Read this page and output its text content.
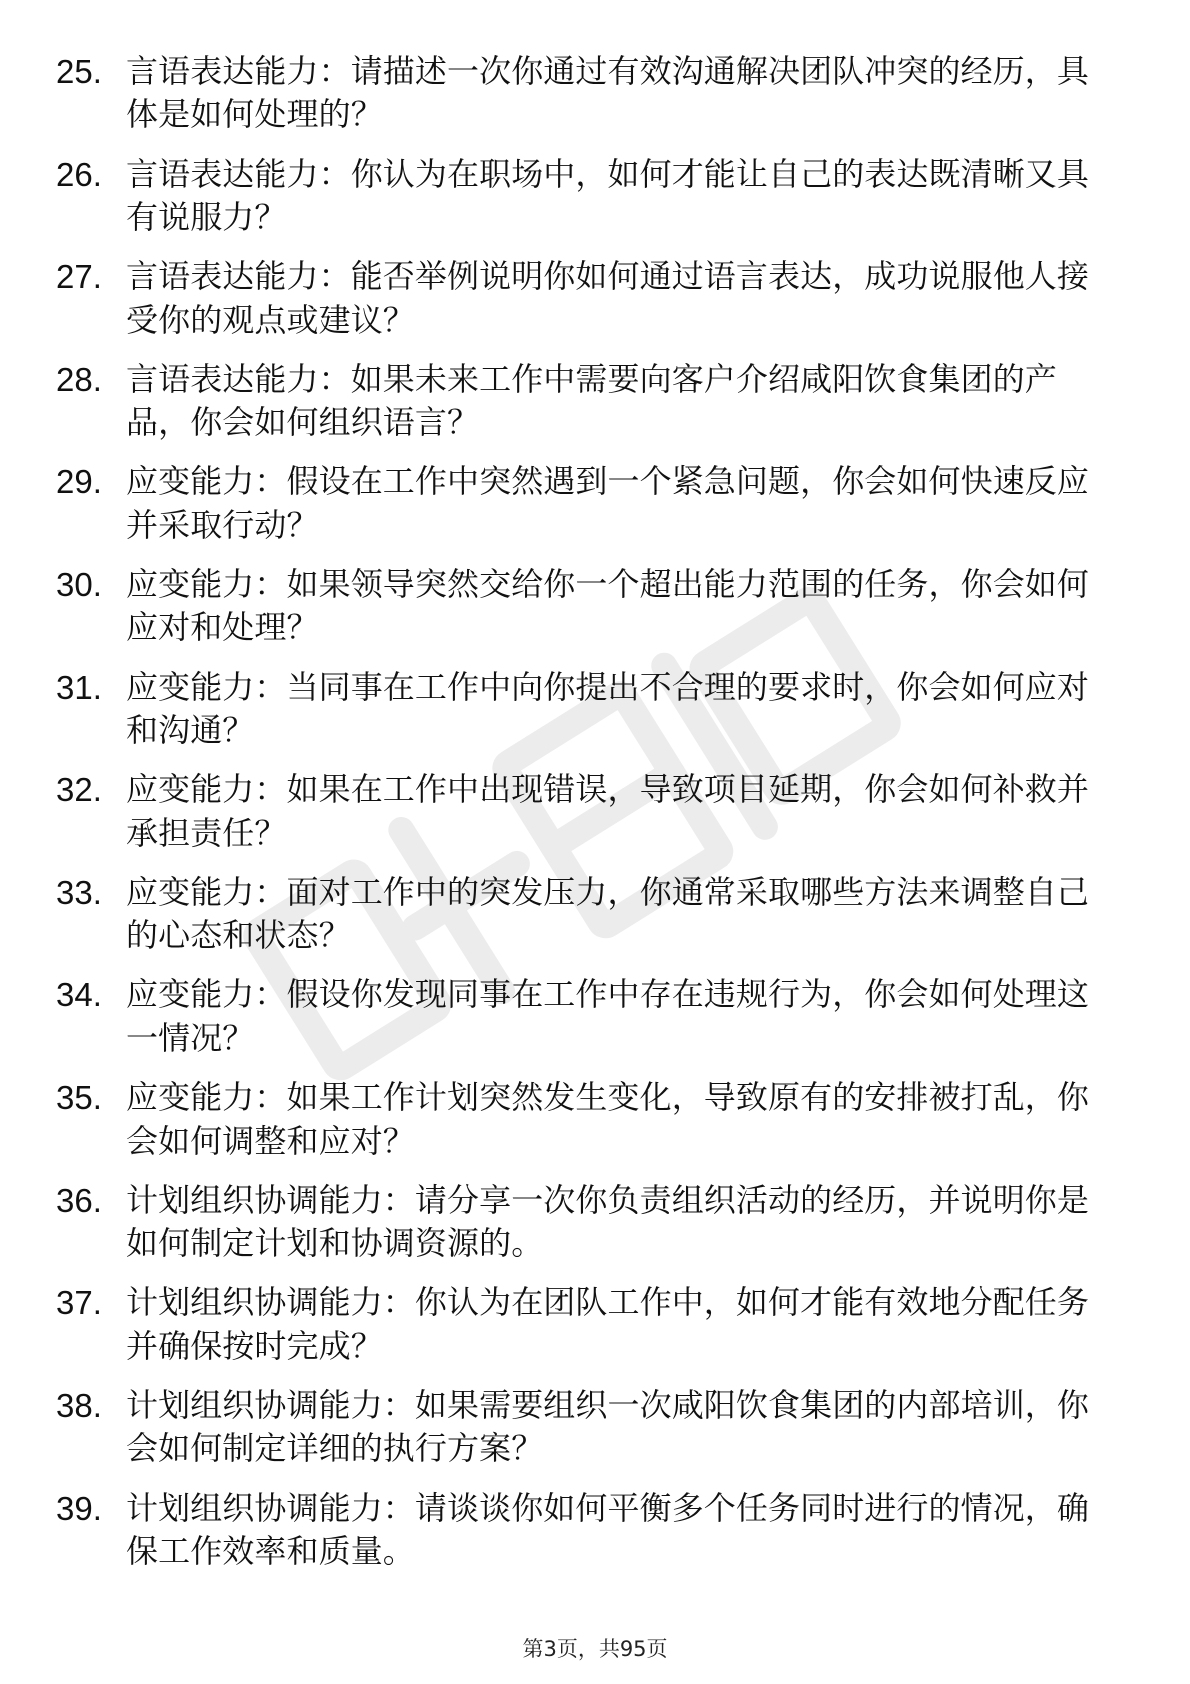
25. 言语表达能力：请描述一次你通过有效沟通解决团队冲突的经历，具体是如何处理的？
26. 言语表达能力：你认为在职场中，如何才能让自己的表达既清晰又具有说服力？
27. 言语表达能力：能否举例说明你如何通过语言表达，成功说服他人接受你的观点或建议？
28. 言语表达能力：如果未来工作中需要向客户介绍咸阳饮食集团的产品，你会如何组织语言？
29. 应变能力：假设在工作中突然遇到一个紧急问题，你会如何快速反应并采取行动？
30. 应变能力：如果领导突然交给你一个超出能力范围的任务，你会如何应对和处理？
31. 应变能力：当同事在工作中向你提出不合理的要求时，你会如何应对和沟通？
32. 应变能力：如果在工作中出现错误，导致项目延期，你会如何补救并承担责任？
33. 应变能力：面对工作中的突发压力，你通常采取哪些方法来调整自己的心态和状态？
34. 应变能力：假设你发现同事在工作中存在违规行为，你会如何处理这一情况？
35. 应变能力：如果工作计划突然发生变化，导致原有的安排被打乱，你会如何调整和应对？
36. 计划组织协调能力：请分享一次你负责组织活动的经历，并说明你是如何制定计划和协调资源的。
37. 计划组织协调能力：你认为在团队工作中，如何才能有效地分配任务并确保按时完成？
38. 计划组织协调能力：如果需要组织一次咸阳饮食集团的内部培训，你会如何制定详细的执行方案？
39. 计划组织协调能力：请谈谈你如何平衡多个任务同时进行的情况，确保工作效率和质量。
第3页，共95页
